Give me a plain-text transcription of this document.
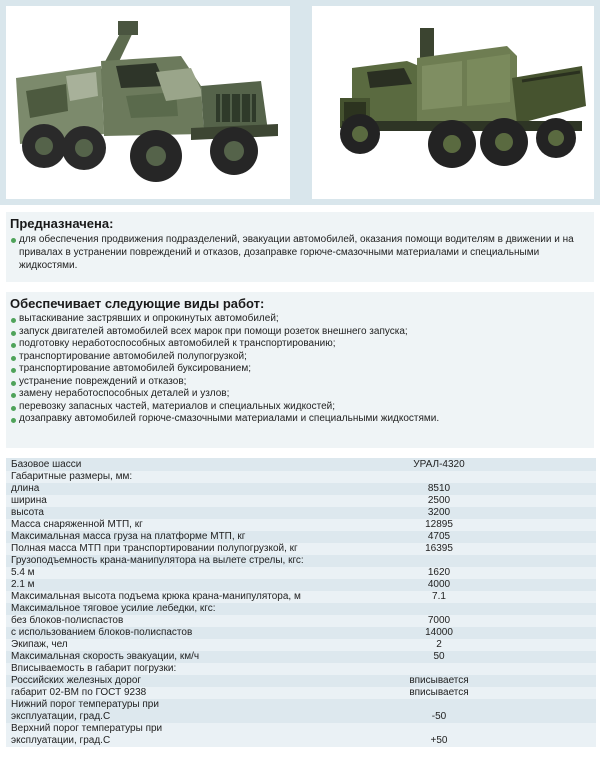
Предназначена:
для обеспечения продвижения подразделений, эвакуации автомобилей, оказания помощи водителям в движении и на привалах в устранении повреждений и отказов, дозаправке горюче-смазочными материалами и специальными жидкостями.
Обеспечивает следующие виды работ:
вытаскивание застрявших и опрокинутых автомобилей;
запуск двигателей автомобилей всех марок при помощи розеток внешнего запуска;
подготовку неработоспособных автомобилей к транспортированию;
транспортирование автомобилей полупогрузкой;
транспортирование автомобилей буксированием;
устранение повреждений и отказов;
замену неработоспособных деталей и узлов;
перевозку запасных частей, материалов и специальных жидкостей;
дозаправку автомобилей горюче-смазочными материалами и специальными жидкостями.
Базовое шасси	УРАЛ-4320
Габаритные размеры, мм:
длина	8510
ширина	2500
высота	3200
Масса снаряженной МТП, кг	12895
Максимальная масса груза на платформе МТП, кг	4705
Полная масса МТП при транспортировании полупогрузкой, кг	16395
Грузоподъемность крана-манипулятора на вылете стрелы, кгс:
5.4 м	1620
2.1 м	4000
Максимальная высота подъема крюка крана-манипулятора, м	7.1
Максимальное тяговое усилие лебедки, кгс:
без блоков-полиспастов	7000
с использованием блоков-полиспастов	14000
Экипаж, чел	2
Максимальная скорость эвакуации, км/ч	50
Вписываемость в габарит погрузки:
Российских железных дорог	вписывается
габарит 02-ВМ по ГОСТ 9238	вписывается
Нижний порог температуры при эксплуатации, град.С	-50
Верхний порог температуры при эксплуатации, град.С	+50
